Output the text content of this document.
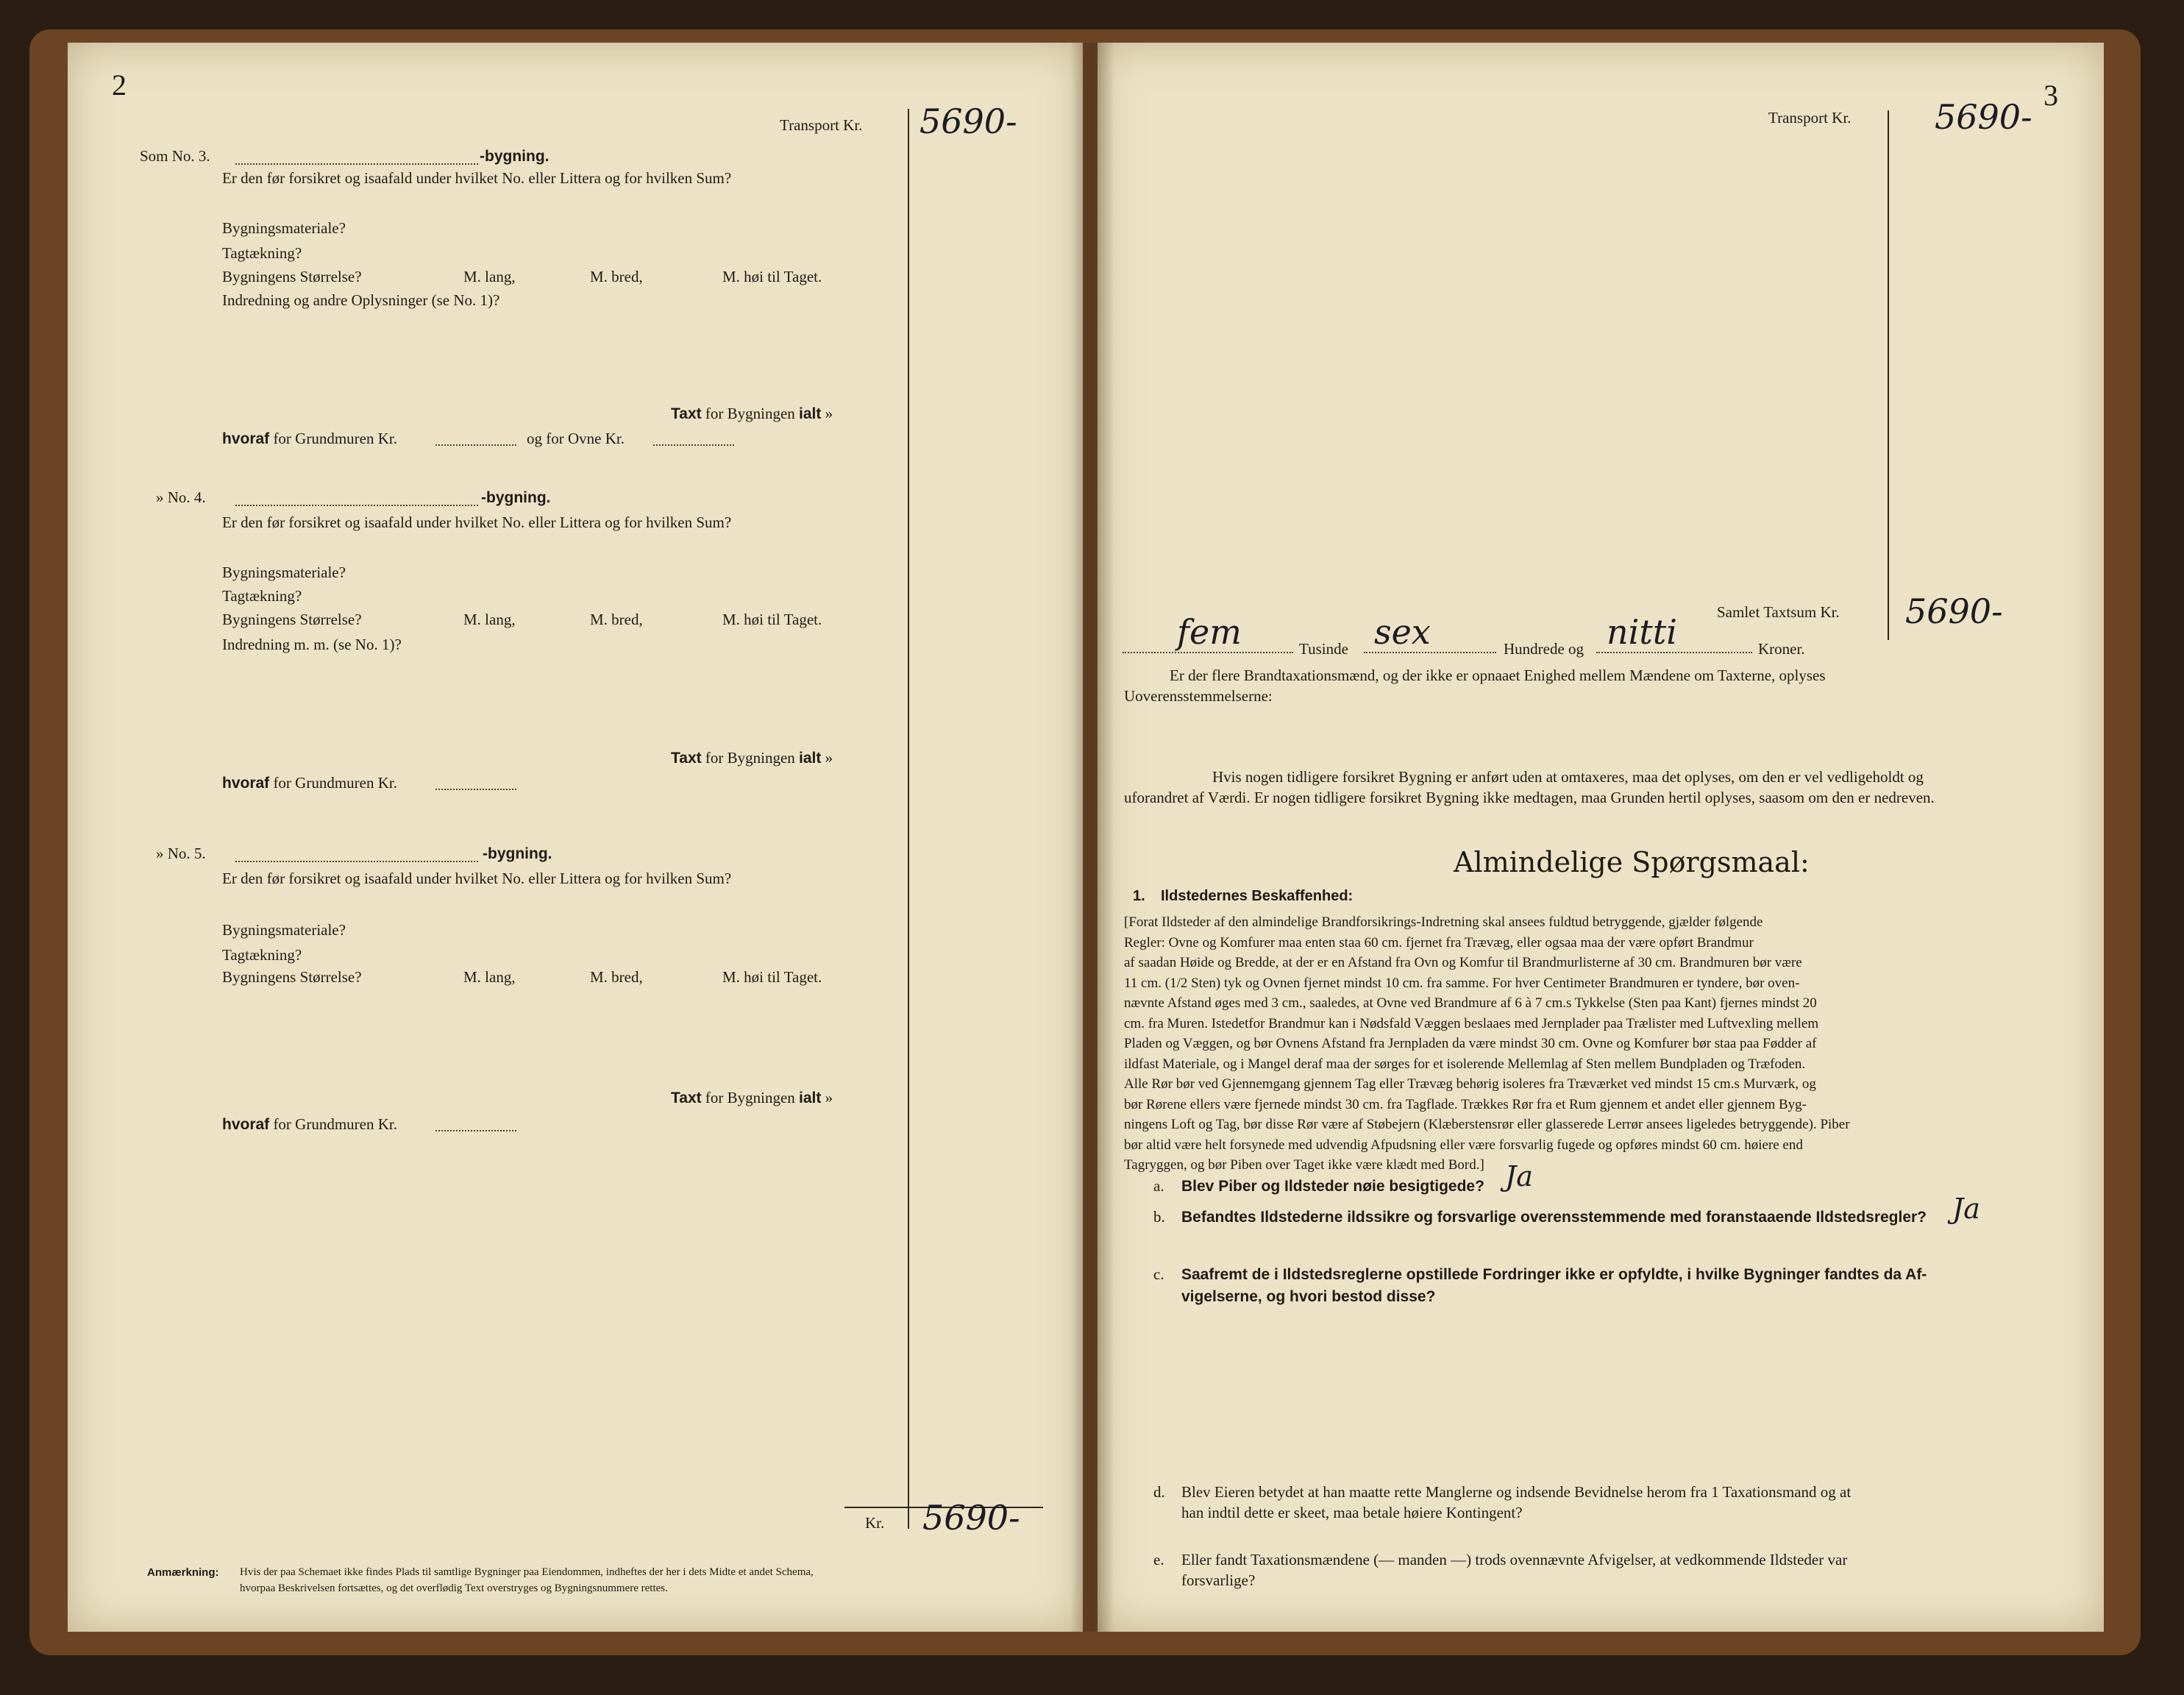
2
Transport Kr. 5690-
Som No. 3.	-bygning.
Er den før forsikret og isaafald under hvilket No. eller Littera og for hvilken Sum?
Bygningsmateriale?
Tagtækning?
Bygningens Størrelse?	M. lang,	M. bred,	M. høi til Taget.
Indredning og andre Oplysninger (se No. 1)?
Taxt for Bygningen ialt »
hvoraf for Grundmuren Kr.	og for Ovne Kr.
» No. 4.	-bygning.
Er den før forsikret og isaafald under hvilket No. eller Littera og for hvilken Sum?
Bygningsmateriale?
Tagtækning?
Bygningens Størrelse?	M. lang,	M. bred,	M. høi til Taget.
Indredning m. m. (se No. 1)?
Taxt for Bygningen ialt »
hvoraf for Grundmuren Kr.
» No. 5.	-bygning.
Er den før forsikret og isaafald under hvilket No. eller Littera og for hvilken Sum?
Bygningsmateriale?
Tagtækning?
Bygningens Størrelse?	M. lang,	M. bred,	M. høi til Taget.
Taxt for Bygningen ialt »
hvoraf for Grundmuren Kr.
Kr. 5690-
Anmærkning: Hvis der paa Schemaet ikke findes Plads til samtlige Bygninger paa Eiendommen, indheftes der her i dets Midte et andet Schema,
hvorpaa Beskrivelsen fortsættes, og det overflødig Text overstryges og Bygningsnummere rettes.
3
Transport Kr. 5690-
Samlet Taxtsum Kr. 5690-
fem	Tusinde sex	Hundrede og nitti	Kroner.
Er der flere Brandtaxationsmænd, og der ikke er opnaaet Enighed mellem Mændene om Taxterne, oplyses
Uoverensstemmelserne:
Hvis nogen tidligere forsikret Bygning er anført uden at omtaxeres, maa det oplyses, om den er vel vedligeholdt og
uforandret af Værdi. Er nogen tidligere forsikret Bygning ikke medtagen, maa Grunden hertil oplyses, saasom om den er nedreven.
Almindelige Spørgsmaal:
1. Ildstedernes Beskaffenhed:
[Forat Ildsteder af den almindelige Brandforsikrings-Indretning skal ansees fuldtud betryggende, gjælder følgende
Regler: Ovne og Komfurer maa enten staa 60 cm. fjernet fra Trævæg, eller ogsaa maa der være opført Brandmur
af saadan Høide og Bredde, at der er en Afstand fra Ovn og Komfur til Brandmurlisterne af 30 cm. Brandmuren bør være
11 cm. (1/2 Sten) tyk og Ovnen fjernet mindst 10 cm. fra samme. For hver Centimeter Brandmuren er tyndere, bør oven-
nævnte Afstand øges med 3 cm., saaledes, at Ovne ved Brandmure af 6 à 7 cm.s Tykkelse (Sten paa Kant) fjernes mindst 20
cm. fra Muren. Istedetfor Brandmur kan i Nødsfald Væggen beslaaes med Jernplader paa Trælister med Luftvexling mellem
Pladen og Væggen, og bør Ovnens Afstand fra Jernpladen da være mindst 30 cm. Ovne og Komfurer bør staa paa Fødder af
ildfast Materiale, og i Mangel deraf maa der sørges for et isolerende Mellemlag af Sten mellem Bundpladen og Træfoden.
Alle Rør bør ved Gjennemgang gjennem Tag eller Trævæg behørig isoleres fra Træværket ved mindst 15 cm.s Murværk, og
bør Rørene ellers være fjernede mindst 30 cm. fra Tagflade. Trækkes Rør fra et Rum gjennem et andet eller gjennem Byg-
ningens Loft og Tag, bør disse Rør være af Støbejern (Klæberstensrør eller glasserede Lerrør ansees ligeledes betryggende). Piber
bør altid være helt forsynede med udvendig Afpudsning eller være forsvarlig fugede og opføres mindst 60 cm. høiere end
Tagryggen, og bør Piben over Taget ikke være klædt med Bord.]
a. Blev Piber og Ildsteder nøie besigtigede? Ja
b. Befandtes Ildstederne ildssikre og forsvarlige overensstemmende med foranstaaende Ildstedsregler? Ja
c. Saafremt de i Ildstedsreglerne opstillede Fordringer ikke er opfyldte, i hvilke Bygninger fandtes da Af-
vigelserne, og hvori bestod disse?
d. Blev Eieren betydet at han maatte rette Manglerne og indsende Bevidnelse herom fra 1 Taxationsmand og at
han indtil dette er skeet, maa betale høiere Kontingent?
e. Eller fandt Taxationsmændene (— manden —) trods ovennævnte Afvigelser, at vedkommende Ildsteder var
forsvarlige?
